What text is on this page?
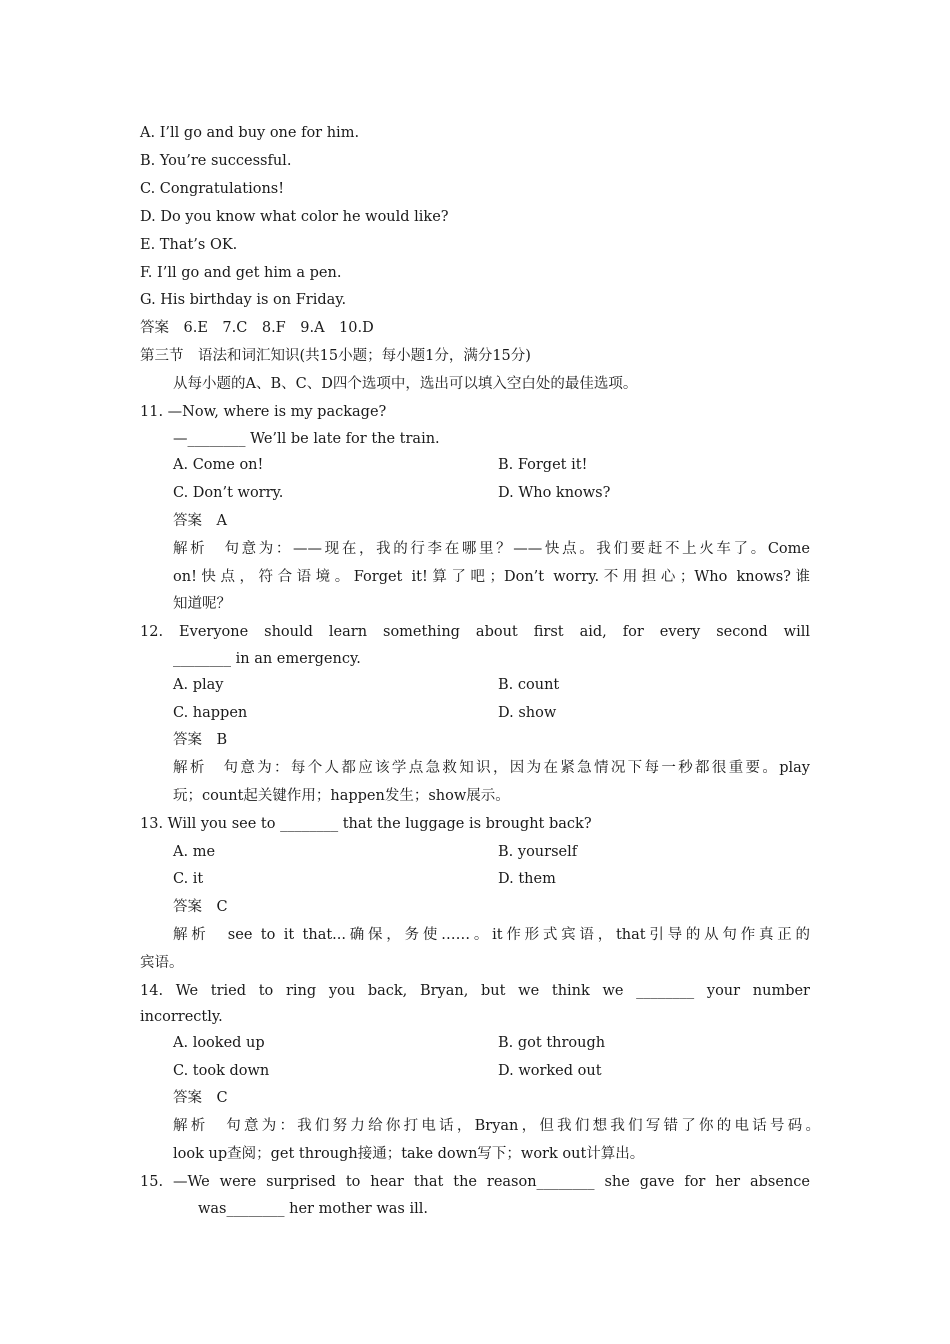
A. I’ll go and buy one for him.
B. You’re successful.
C. Congratulations!
D. Do you know what color he would like?
E. That’s OK.
F. I’ll go and get him a pen.
G. His birthday is on Friday.
答案　6.E　7.C　8.F　9.A　10.D
第三节　语法和词汇知识(共15小题；每小题1分，满分15分)
从每小题的A、B、C、D四个选项中，选出可以填入空白处的最佳选项。
11. —Now, where is my package?
—________ We’ll be late for the train.
A. Come on!	B. Forget it!
C. Don’t worry.	D. Who knows?
答案　A
解析　句意为：——现在，我的行李在哪里？——快点。我们要赶不上火车了。Come
on!快点，符合语境。Forget it!算了吧；Don’t worry.不用担心；Who knows?谁
知道呢？
12. Everyone should learn something about first aid, for every second will
________ in an emergency.
A. play	B. count
C. happen	D. show
答案　B
解析　句意为：每个人都应该学点急救知识，因为在紧急情况下每一秒都很重要。play
玩；count起关键作用；happen发生；show展示。
13. Will you see to ________ that the luggage is brought back?
A. me	B. yourself
C. it	D. them
答案　C
解析　see to it that...确保，务使……。it作形式宾语，that引导的从句作真正的
宾语。
14. We tried to ring you back, Bryan, but we think we ________ your number
incorrectly.
A. looked up	B. got through
C. took down	D. worked out
答案　C
解析　句意为：我们努力给你打电话，Bryan，但我们想我们写错了你的电话号码。
look up查阅；get through接通；take down写下；work out计算出。
15. —We were surprised to hear that the reason________ she gave for her absence
was________ her mother was ill.
